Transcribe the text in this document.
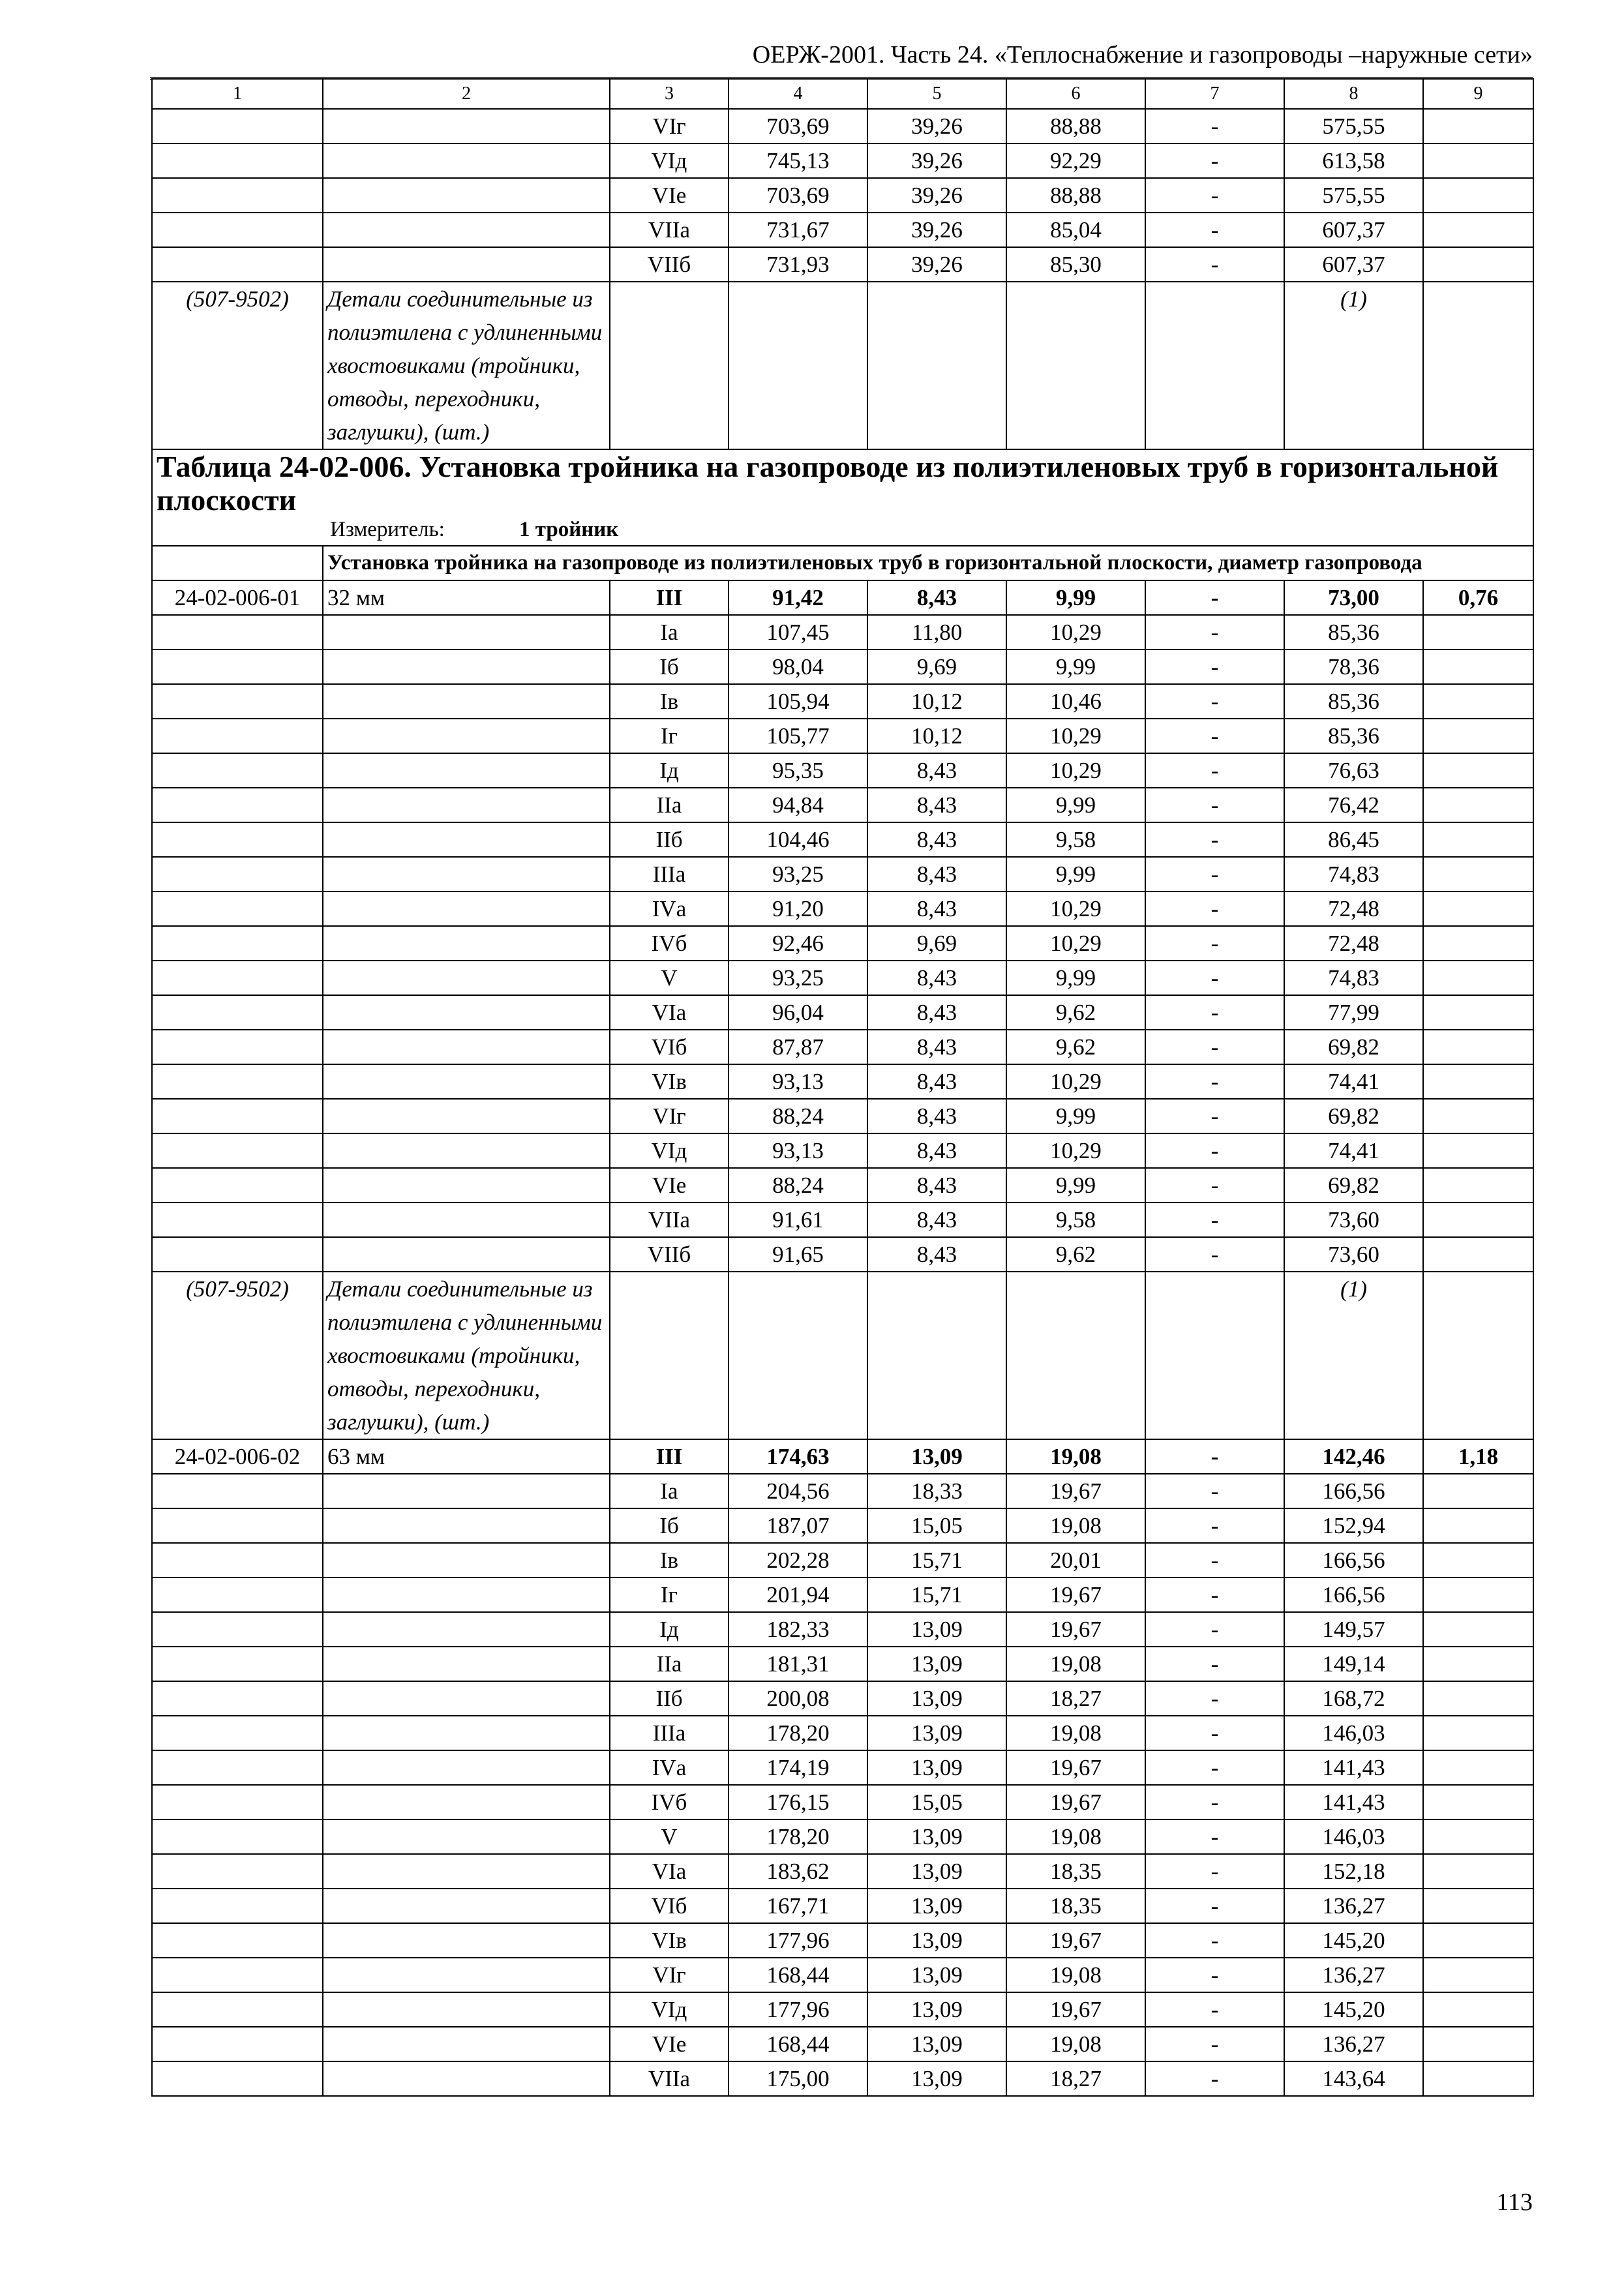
ОЕРЖ-2001. Часть 24. «Теплоснабжение и газопроводы –наружные сети»
1	2	3	4	5	6	7	8	9
		VIг	703,69	39,26	88,88	-	575,55	
		VIд	745,13	39,26	92,29	-	613,58	
		VIе	703,69	39,26	88,88	-	575,55	
		VIIа	731,67	39,26	85,04	-	607,37	
		VIIб	731,93	39,26	85,30	-	607,37	
(507-9502)	Детали соединительные из полиэтилена с удлиненными хвостовиками (тройники, отводы, переходники, заглушки), (шт.)						(1)	

Таблица 24-02-006. Установка тройника на газопроводе из полиэтиленовых труб в горизонтальной плоскости
Измеритель: 1 тройник								

	Установка тройника на газопроводе из полиэтиленовых труб в горизонтальной плоскости, диаметр газопровода							
24-02-006-01	32 мм	III	91,42	8,43	9,99	-	73,00	0,76
		Iа	107,45	11,80	10,29	-	85,36	
		Iб	98,04	9,69	9,99	-	78,36	
		Iв	105,94	10,12	10,46	-	85,36	
		Iг	105,77	10,12	10,29	-	85,36	
		Iд	95,35	8,43	10,29	-	76,63	
		IIа	94,84	8,43	9,99	-	76,42	
		IIб	104,46	8,43	9,58	-	86,45	
		IIIа	93,25	8,43	9,99	-	74,83	
		IVа	91,20	8,43	10,29	-	72,48	
		IVб	92,46	9,69	10,29	-	72,48	
		V	93,25	8,43	9,99	-	74,83	
		VIа	96,04	8,43	9,62	-	77,99	
		VIб	87,87	8,43	9,62	-	69,82	
		VIв	93,13	8,43	10,29	-	74,41	
		VIг	88,24	8,43	9,99	-	69,82	
		VIд	93,13	8,43	10,29	-	74,41	
		VIе	88,24	8,43	9,99	-	69,82	
		VIIа	91,61	8,43	9,58	-	73,60	
		VIIб	91,65	8,43	9,62	-	73,60	
(507-9502)	Детали соединительные из полиэтилена с удлиненными хвостовиками (тройники, отводы, переходники, заглушки), (шт.)						(1)	
24-02-006-02	63 мм	III	174,63	13,09	19,08	-	142,46	1,18
		Iа	204,56	18,33	19,67	-	166,56	
		Iб	187,07	15,05	19,08	-	152,94	
		Iв	202,28	15,71	20,01	-	166,56	
		Iг	201,94	15,71	19,67	-	166,56	
		Iд	182,33	13,09	19,67	-	149,57	
		IIа	181,31	13,09	19,08	-	149,14	
		IIб	200,08	13,09	18,27	-	168,72	
		IIIа	178,20	13,09	19,08	-	146,03	
		IVа	174,19	13,09	19,67	-	141,43	
		IVб	176,15	15,05	19,67	-	141,43	
		V	178,20	13,09	19,08	-	146,03	
		VIа	183,62	13,09	18,35	-	152,18	
		VIб	167,71	13,09	18,35	-	136,27	
		VIв	177,96	13,09	19,67	-	145,20	
		VIг	168,44	13,09	19,08	-	136,27	
		VIд	177,96	13,09	19,67	-	145,20	
		VIе	168,44	13,09	19,08	-	136,27	
		VIIа	175,00	13,09	18,27	-	143,64	
113
